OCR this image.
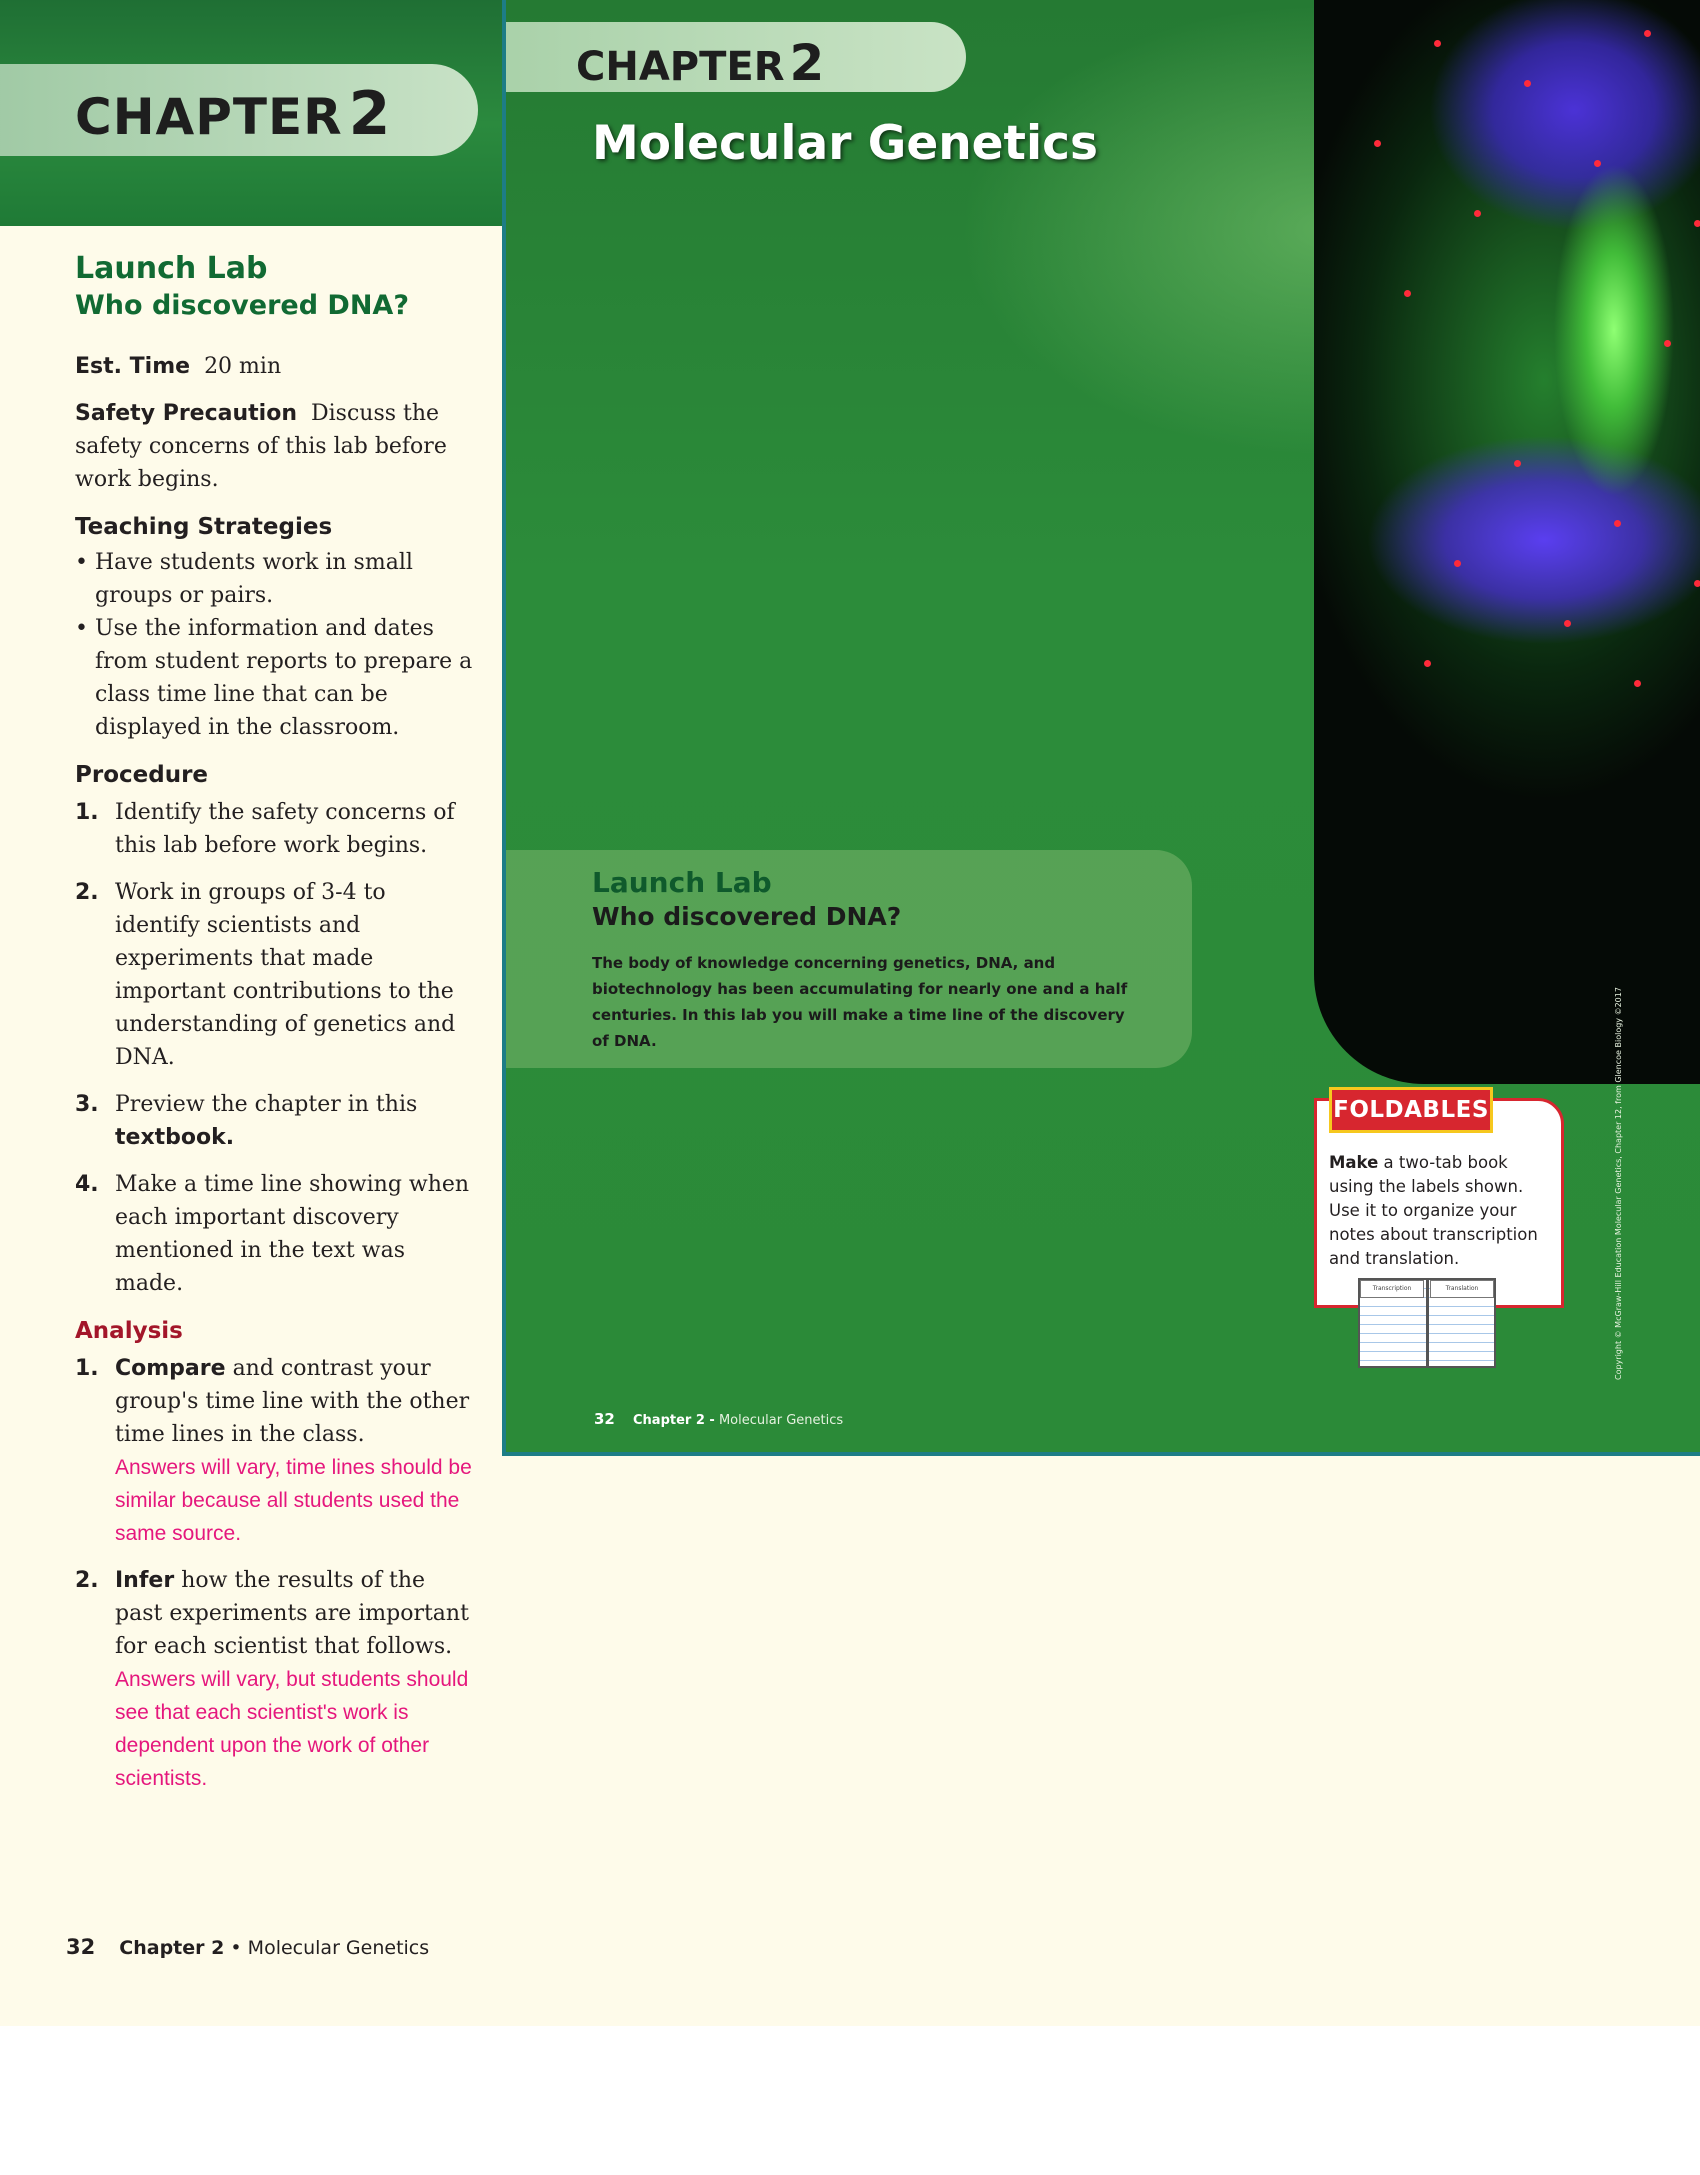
CHAPTER 2
Launch Lab
Who discovered DNA?

Est. Time 20 min

Safety Precaution Discuss the safety concerns of this lab before work begins.

Teaching Strategies

• Have students work in small groups or pairs.

• Use the information and dates from student reports to prepare a class time line that can be displayed in the classroom.

Procedure

1. Identify the safety concerns of this lab before work begins.

2. Work in groups of 3-4 to identify scientists and experiments that made important contributions to the understanding of genetics and DNA.

3. Preview the chapter in this textbook.

4. Make a time line showing when each important discovery mentioned in the text was made.

Analysis

1. Compare and contrast your group's time line with the other time lines in the class.
Answers will vary, time lines should be similar because all students used the same source.

2. Infer how the results of the past experiments are important for each scientist that follows.
Answers will vary, but students should see that each scientist's work is dependent upon the work of other scientists.

32 Chapter 2 • Molecular Genetics
CHAPTER 2
Molecular Genetics
Launch Lab
Who discovered DNA?
The body of knowledge concerning genetics, DNA, and biotechnology has been accumulating for nearly one and a half centuries. In this lab you will make a time line of the discovery of DNA.
FOLDABLES
Make a two-tab book using the labels shown. Use it to organize your notes about transcription and translation.
Transcription	Translation	Copyright © McGraw-Hill Education Molecular Genetics, Chapter 12, from Glencoe Biology ©2017
32 Chapter 2 - Molecular Genetics
